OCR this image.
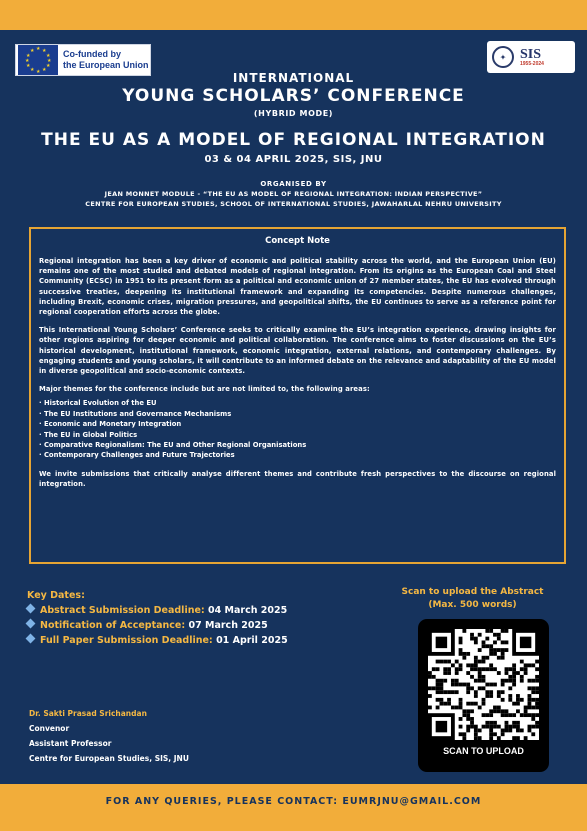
★ ★
★
★
★
★
★
★
★
★
★
★	Co-funded by
the European Union
✦ SIS
1955-2024
INTERNATIONAL
YOUNG SCHOLARS’ CONFERENCE
(HYBRID MODE)
THE EU AS A MODEL OF REGIONAL INTEGRATION
03 & 04 APRIL 2025, SIS, JNU
ORGANISED BY
JEAN MONNET MODULE - “THE EU AS MODEL OF REGIONAL INTEGRATION: INDIAN PERSPECTIVE”
CENTRE FOR EUROPEAN STUDIES, SCHOOL OF INTERNATIONAL STUDIES, JAWAHARLAL NEHRU UNIVERSITY
Concept Note

Regional integration has been a key driver of economic and political stability across the world, and the European Union (EU) remains one of the most studied and debated models of regional integration. From its origins as the European Coal and Steel Community (ECSC) in 1951 to its present form as a political and economic union of 27 member states, the EU has evolved through successive treaties, deepening its institutional framework and expanding its competencies. Despite numerous challenges, including Brexit, economic crises, migration pressures, and geopolitical shifts, the EU continues to serve as a reference point for regional cooperation efforts across the globe.

This International Young Scholars’ Conference seeks to critically examine the EU’s integration experience, drawing insights for other regions aspiring for deeper economic and political collaboration. The conference aims to foster discussions on the EU’s historical development, institutional framework, economic integration, external relations, and contemporary challenges. By engaging students and young scholars, it will contribute to an informed debate on the relevance and adaptability of the EU model in diverse geopolitical and socio-economic contexts.

Major themes for the conference include but are not limited to, the following areas:

· Historical Evolution of the EU
· The EU Institutions and Governance Mechanisms
· Economic and Monetary Integration
· The EU in Global Politics
· Comparative Regionalism: The EU and Other Regional Organisations
· Contemporary Challenges and Future Trajectories

We invite submissions that critically analyse different themes and contribute fresh perspectives to the discourse on regional integration.

Key Dates:
Abstract Submission Deadline: 04 March 2025
Notification of Acceptance: 07 March 2025
Full Paper Submission Deadline: 01 April 2025
Scan to upload the Abstract
(Max. 500 words)
SCAN TO UPLOAD
Dr. Sakti Prasad Srichandan
Convenor
Assistant Professor
Centre for European Studies, SIS, JNU
FOR ANY QUERIES, PLEASE CONTACT: EUMRJNU@GMAIL.COM
